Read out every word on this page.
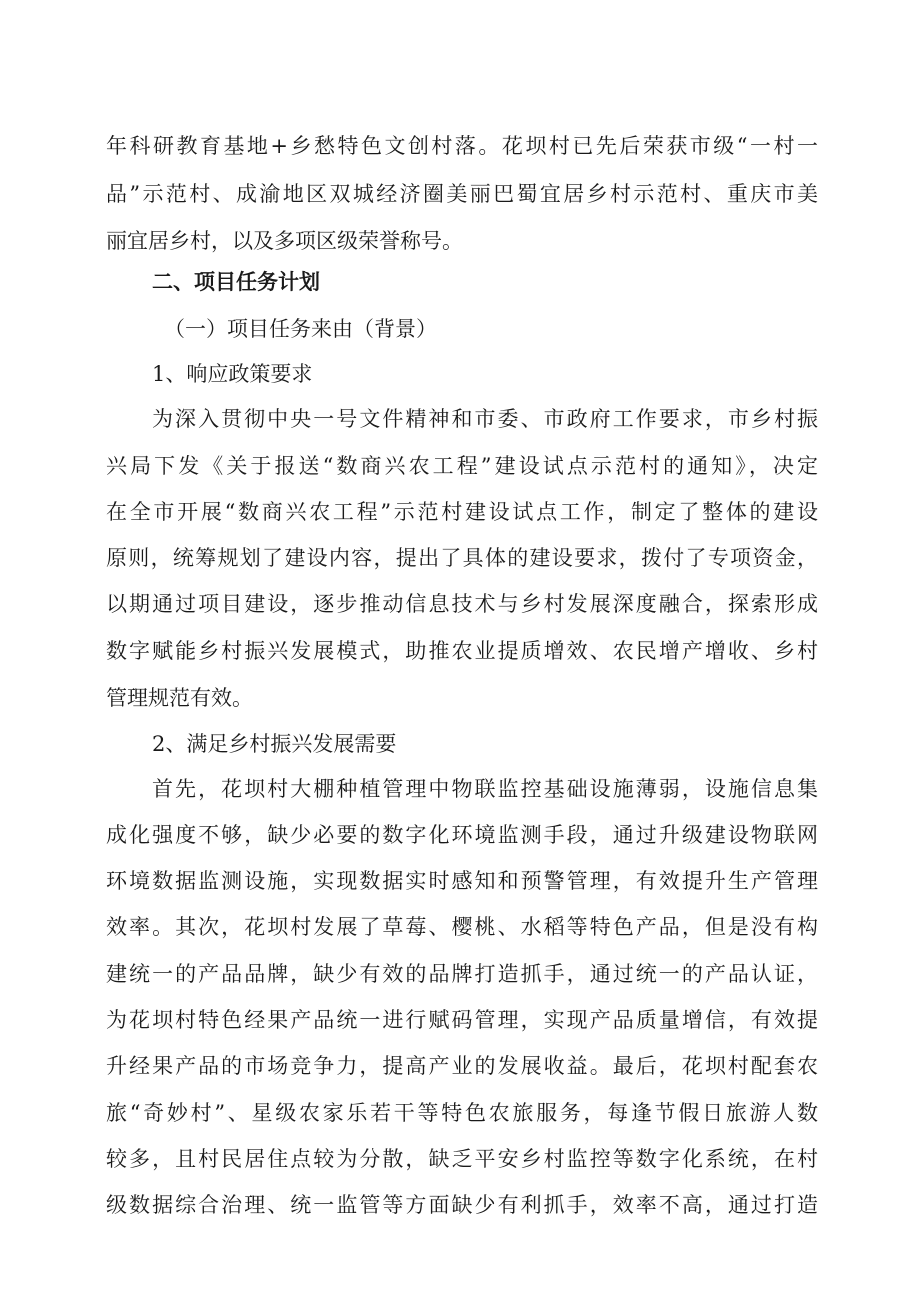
年科研教育基地+乡愁特色文创村落。花坝村已先后荣获市级“一村一
品”示范村、成渝地区双城经济圈美丽巴蜀宜居乡村示范村、重庆市美
丽宜居乡村，以及多项区级荣誉称号。
二、项目任务计划
（一）项目任务来由（背景）
1、响应政策要求
为深入贯彻中央一号文件精神和市委、市政府工作要求，市乡村振
兴局下发《关于报送“数商兴农工程”建设试点示范村的通知》，决定
在全市开展“数商兴农工程”示范村建设试点工作，制定了整体的建设
原则，统筹规划了建设内容，提出了具体的建设要求，拨付了专项资金，
以期通过项目建设，逐步推动信息技术与乡村发展深度融合，探索形成
数字赋能乡村振兴发展模式，助推农业提质增效、农民增产增收、乡村
管理规范有效。
2、满足乡村振兴发展需要
首先，花坝村大棚种植管理中物联监控基础设施薄弱，设施信息集
成化强度不够，缺少必要的数字化环境监测手段，通过升级建设物联网
环境数据监测设施，实现数据实时感知和预警管理，有效提升生产管理
效率。其次，花坝村发展了草莓、樱桃、水稻等特色产品，但是没有构
建统一的产品品牌，缺少有效的品牌打造抓手，通过统一的产品认证，
为花坝村特色经果产品统一进行赋码管理，实现产品质量增信，有效提
升经果产品的市场竞争力，提高产业的发展收益。最后，花坝村配套农
旅“奇妙村”、星级农家乐若干等特色农旅服务，每逢节假日旅游人数
较多，且村民居住点较为分散，缺乏平安乡村监控等数字化系统，在村
级数据综合治理、统一监管等方面缺少有利抓手，效率不高，通过打造
